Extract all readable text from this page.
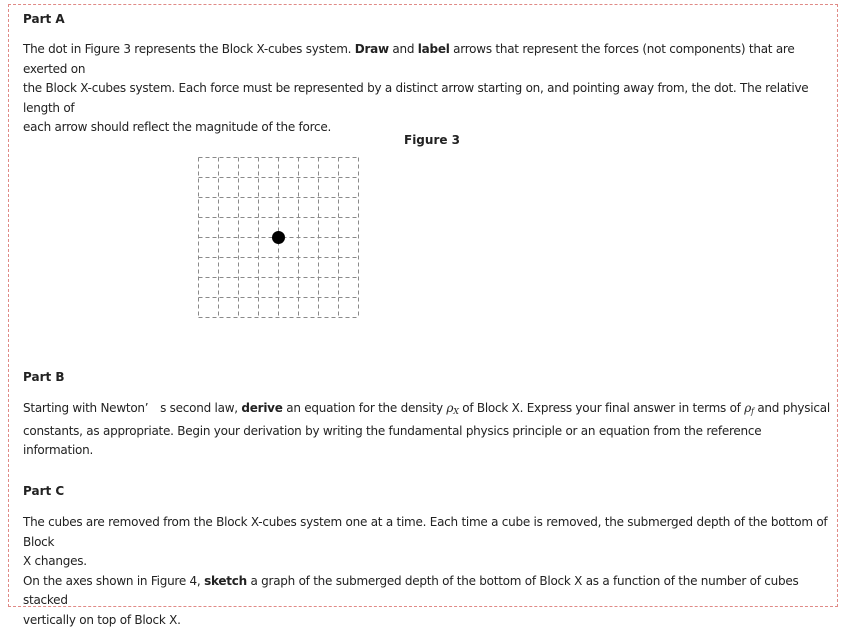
Part A
The dot in Figure 3 represents the Block X-cubes system. Draw and label arrows that represent the forces (not components) that are exerted on
the Block X-cubes system. Each force must be represented by a distinct arrow starting on, and pointing away from, the dot. The relative length of
each arrow should reflect the magnitude of the force.
Figure 3
Part B
Starting with Newton’　s second law, derive an equation for the density $\rho_X$ of Block X. Express your final answer in terms of $\rho_f$ and physical
constants, as appropriate. Begin your derivation by writing the fundamental physics principle or an equation from the reference information.
Part C
The cubes are removed from the Block X-cubes system one at a time. Each time a cube is removed, the submerged depth of the bottom of Block
X changes.
On the axes shown in Figure 4, sketch a graph of the submerged depth of the bottom of Block X as a function of the number of cubes stacked
vertically on top of Block X.
